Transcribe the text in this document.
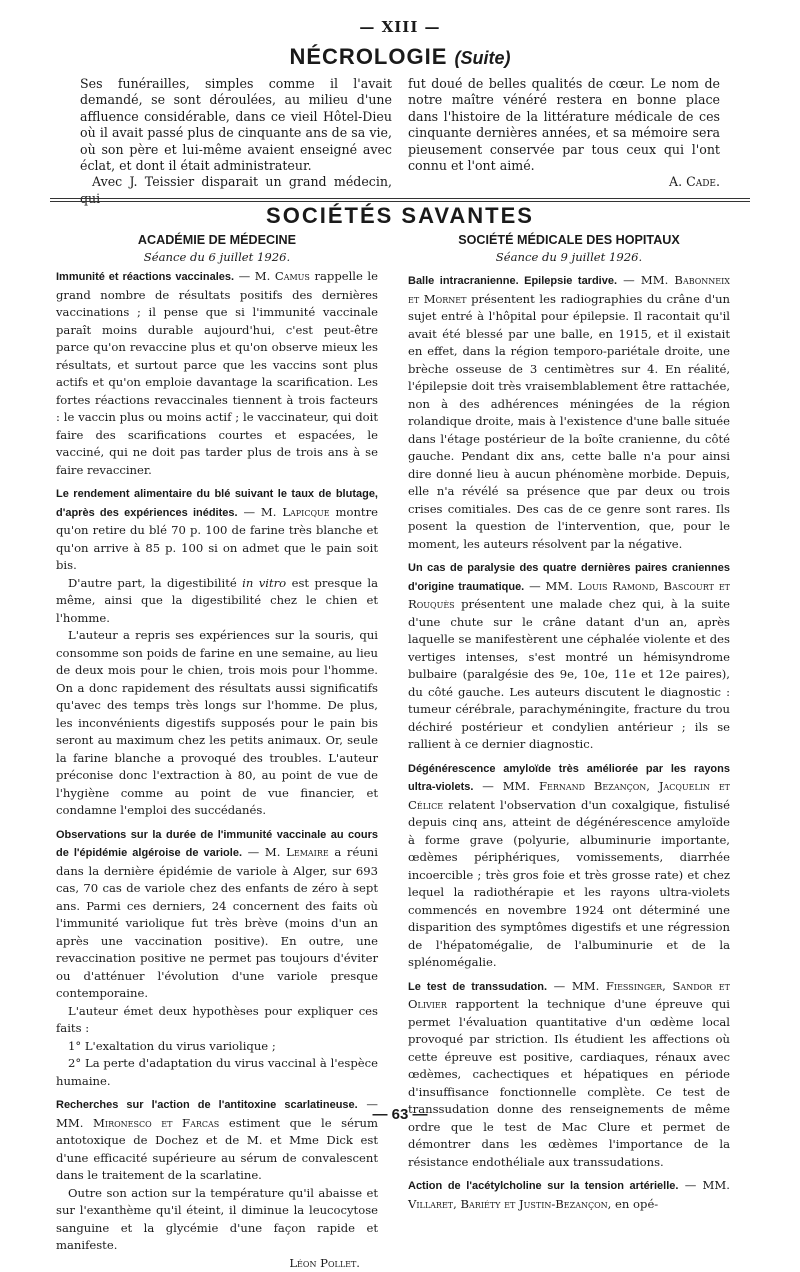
— XIII —
NÉCROLOGIE (Suite)

Ses funérailles, simples comme il l'avait demandé, se sont déroulées, au milieu d'une affluence considérable, dans ce vieil Hôtel-Dieu où il avait passé plus de cinquante ans de sa vie, où son père et lui-même avaient enseigné avec éclat, et dont il était administrateur.

Avec J. Teissier disparait un grand médecin, qui

fut doué de belles qualités de cœur. Le nom de notre maître vénéré restera en bonne place dans l'histoire de la littérature médicale de ces cinquante dernières années, et sa mémoire sera pieusement conservée par tous ceux qui l'ont connu et l'ont aimé.

A. Cade.

SOCIÉTÉS SAVANTES

ACADÉMIE DE MÉDECINE

Séance du 6 juillet 1926.

Immunité et réactions vaccinales. — M. Camus rappelle le grand nombre de résultats positifs des dernières vaccinations ; il pense que si l'immunité vaccinale paraît moins durable aujourd'hui, c'est peut-être parce qu'on revaccine plus et qu'on observe mieux les résultats, et surtout parce que les vaccins sont plus actifs et qu'on emploie davantage la scarification. Les fortes réactions revaccinales tiennent à trois facteurs : le vaccin plus ou moins actif ; le vaccinateur, qui doit faire des scarifications courtes et espacées, le vacciné, qui ne doit pas tarder plus de trois ans à se faire revacciner.

Le rendement alimentaire du blé suivant le taux de blutage, d'après des expériences inédites. — M. Lapicque montre qu'on retire du blé 70 p. 100 de farine très blanche et qu'on arrive à 85 p. 100 si on admet que le pain soit bis.

D'autre part, la digestibilité in vitro est presque la même, ainsi que la digestibilité chez le chien et l'homme.

L'auteur a repris ses expériences sur la souris, qui consomme son poids de farine en une semaine, au lieu de deux mois pour le chien, trois mois pour l'homme. On a donc rapidement des résultats aussi significatifs qu'avec des temps très longs sur l'homme. De plus, les inconvénients digestifs supposés pour le pain bis seront au maximum chez les petits animaux. Or, seule la farine blanche a provoqué des troubles. L'auteur préconise donc l'extraction à 80, au point de vue de l'hygiène comme au point de vue financier, et condamne l'emploi des succédanés.

Observations sur la durée de l'immunité vaccinale au cours de l'épidémie algéroise de variole. — M. Lemaire a réuni dans la dernière épidémie de variole à Alger, sur 693 cas, 70 cas de variole chez des enfants de zéro à sept ans. Parmi ces derniers, 24 concernent des faits où l'immunité variolique fut très brève (moins d'un an après une vaccination positive). En outre, une revaccination positive ne permet pas toujours d'éviter ou d'atténuer l'évolution d'une variole presque contemporaine.

L'auteur émet deux hypothèses pour expliquer ces faits :

1° L'exaltation du virus variolique ;

2° La perte d'adaptation du virus vaccinal à l'espèce humaine.

Recherches sur l'action de l'antitoxine scarlatineuse. — MM. Mironesco et Farcas estiment que le sérum antotoxique de Dochez et de M. et Mme Dick est d'une efficacité supérieure au sérum de convalescent dans le traitement de la scarlatine.

Outre son action sur la température qu'il abaisse et sur l'exanthème qu'il éteint, il diminue la leucocytose sanguine et la glycémie d'une façon rapide et manifeste.

Léon Pollet.

SOCIÉTÉ MÉDICALE DES HOPITAUX

Séance du 9 juillet 1926.

Balle intracranienne. Epilepsie tardive. — MM. Babonneix et Mornet présentent les radiographies du crâne d'un sujet entré à l'hôpital pour épilepsie. Il racontait qu'il avait été blessé par une balle, en 1915, et il existait en effet, dans la région temporo-pariétale droite, une brèche osseuse de 3 centimètres sur 4. En réalité, l'épilepsie doit très vraisemblablement être rattachée, non à des adhérences méningées de la région rolandique droite, mais à l'existence d'une balle située dans l'étage postérieur de la boîte cranienne, du côté gauche. Pendant dix ans, cette balle n'a pour ainsi dire donné lieu à aucun phénomène morbide. Depuis, elle n'a révélé sa présence que par deux ou trois crises comitiales. Des cas de ce genre sont rares. Ils posent la question de l'intervention, que, pour le moment, les auteurs résolvent par la négative.

Un cas de paralysie des quatre dernières paires craniennes d'origine traumatique. — MM. Louis Ramond, Bascourt et Rouquès présentent une malade chez qui, à la suite d'une chute sur le crâne datant d'un an, après laquelle se manifestèrent une céphalée violente et des vertiges intenses, s'est montré un hémisyndrome bulbaire (paralgésie des 9e, 10e, 11e et 12e paires), du côté gauche. Les auteurs discutent le diagnostic : tumeur cérébrale, parachyméningite, fracture du trou déchiré postérieur et condylien antérieur ; ils se rallient à ce dernier diagnostic.

Dégénérescence amyloïde très améliorée par les rayons ultra-violets. — MM. Fernand Bezançon, Jacquelin et Célice relatent l'observation d'un coxalgique, fistulisé depuis cinq ans, atteint de dégénérescence amyloïde à forme grave (polyurie, albuminurie importante, œdèmes périphériques, vomissements, diarrhée incoercible ; très gros foie et très grosse rate) et chez lequel la radiothérapie et les rayons ultra-violets commencés en novembre 1924 ont déterminé une disparition des symptômes digestifs et une régression de l'hépatomégalie, de l'albuminurie et de la splénomégalie.

Le test de transsudation. — MM. Fiessinger, Sandor et Olivier rapportent la technique d'une épreuve qui permet l'évaluation quantitative d'un œdème local provoqué par striction. Ils étudient les affections où cette épreuve est positive, cardiaques, rénaux avec œdèmes, cachectiques et hépatiques en période d'insuffisance fonctionnelle complète. Ce test de transsudation donne des renseignements de même ordre que le test de Mac Clure et permet de démontrer dans les œdèmes l'importance de la résistance endothéliale aux transsudations.

Action de l'acétylcholine sur la tension artérielle. — MM. Villaret, Bariéty et Justin-Bezançon, en opé-

— 63 —
